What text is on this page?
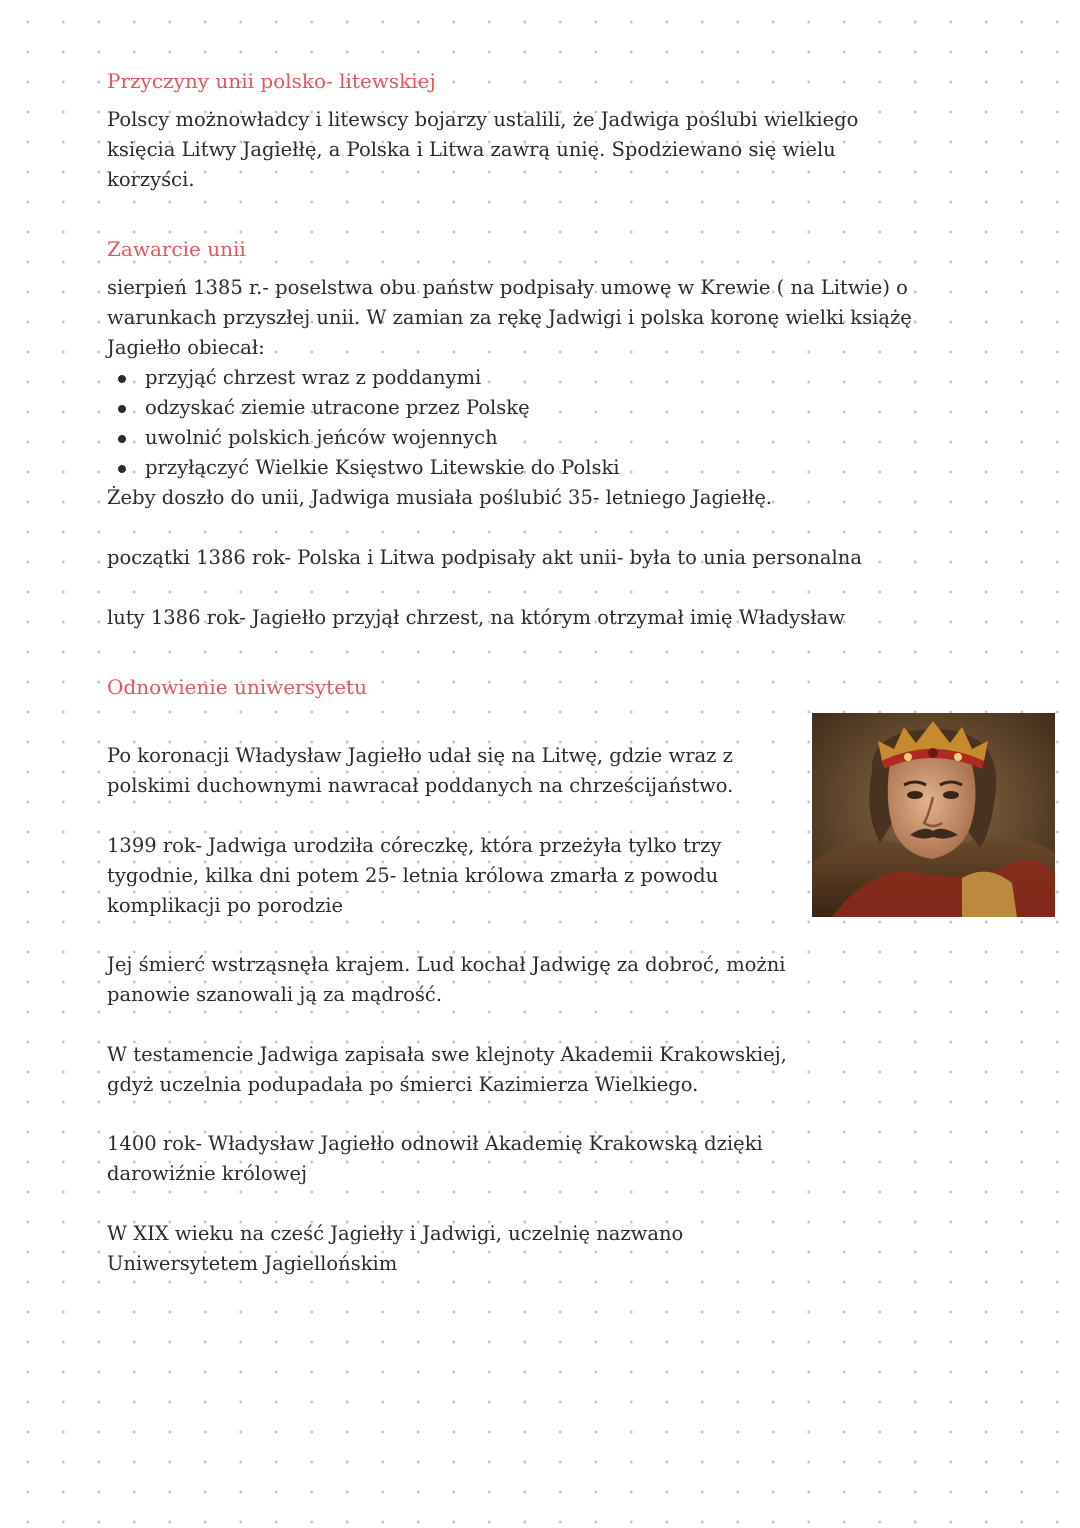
Przyczyny unii polsko- litewskiej
Polscy możnowładcy i litewscy bojarzy ustalili, że Jadwiga poślubi wielkiego
księcia Litwy Jagiełłę, a Polska i Litwa zawrą unię. Spodziewano się wielu
korzyści.
Zawarcie unii
sierpień 1385 r.- poselstwa obu państw podpisały umowę w Krewie ( na Litwie) o
warunkach przyszłej unii. W zamian za rękę Jadwigi i polska koronę wielki książę
Jagiełło obiecał:
przyjąć chrzest wraz z poddanymi
odzyskać ziemie utracone przez Polskę
uwolnić polskich jeńców wojennych
przyłączyć Wielkie Księstwo Litewskie do Polski
Żeby doszło do unii, Jadwiga musiała poślubić 35- letniego Jagiełłę.
początki 1386 rok- Polska i Litwa podpisały akt unii- była to unia personalna
luty 1386 rok- Jagiełło przyjął chrzest, na którym otrzymał imię Władysław
Odnowienie uniwersytetu
Po koronacji Władysław Jagiełło udał się na Litwę, gdzie wraz z
polskimi duchownymi nawracał poddanych na chrześcijaństwo.
1399 rok- Jadwiga urodziła córeczkę, która przeżyła tylko trzy
tygodnie, kilka dni potem 25- letnia królowa zmarła z powodu
komplikacji po porodzie
Jej śmierć wstrząsnęła krajem. Lud kochał Jadwigę za dobroć, możni
panowie szanowali ją za mądrość.
W testamencie Jadwiga zapisała swe klejnoty Akademii Krakowskiej,
gdyż uczelnia podupadała po śmierci Kazimierza Wielkiego.
1400 rok- Władysław Jagiełło odnowił Akademię Krakowską dzięki
darowiźnie królowej
W XIX wieku na cześć Jagiełły i Jadwigi, uczelnię nazwano
Uniwersytetem Jagiellońskim
